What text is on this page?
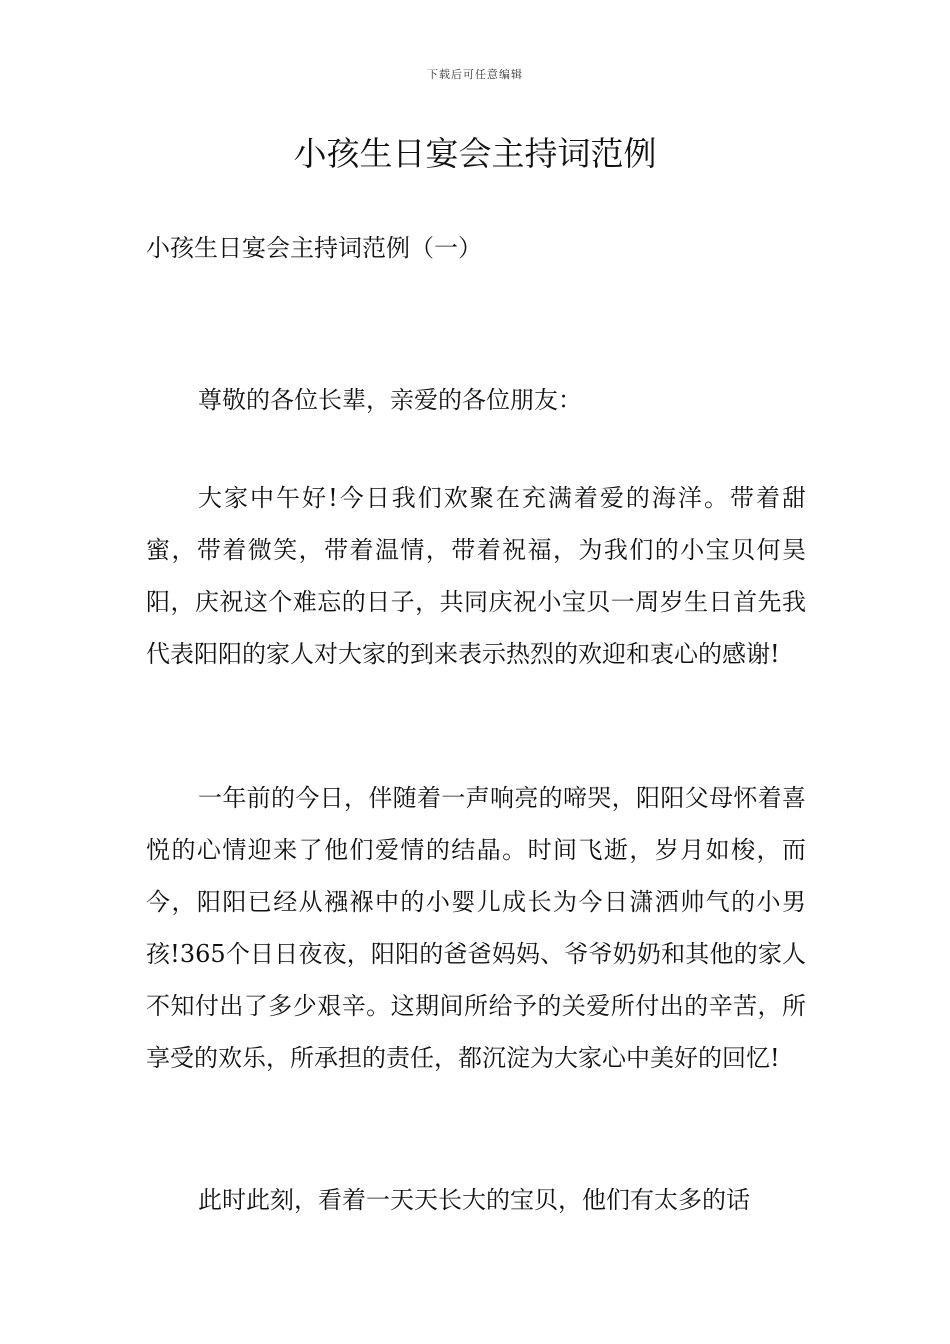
下载后可任意编辑
小孩生日宴会主持词范例
小孩生日宴会主持词范例（一）

尊敬的各位长辈，亲爱的各位朋友：

大家中午好!今日我们欢聚在充满着爱的海洋。带着甜蜜，带着微笑，带着温情，带着祝福，为我们的小宝贝何昊阳，庆祝这个难忘的日子，共同庆祝小宝贝一周岁生日首先我代表阳阳的家人对大家的到来表示热烈的欢迎和衷心的感谢!

一年前的今日，伴随着一声响亮的啼哭，阳阳父母怀着喜悦的心情迎来了他们爱情的结晶。时间飞逝，岁月如梭，而今，阳阳已经从襁褓中的小婴儿成长为今日潇洒帅气的小男孩!365个日日夜夜，阳阳的爸爸妈妈、爷爷奶奶和其他的家人不知付出了多少艰辛。这期间所给予的关爱所付出的辛苦，所享受的欢乐，所承担的责任，都沉淀为大家心中美好的回忆!

此时此刻，看着一天天长大的宝贝，他们有太多的话
